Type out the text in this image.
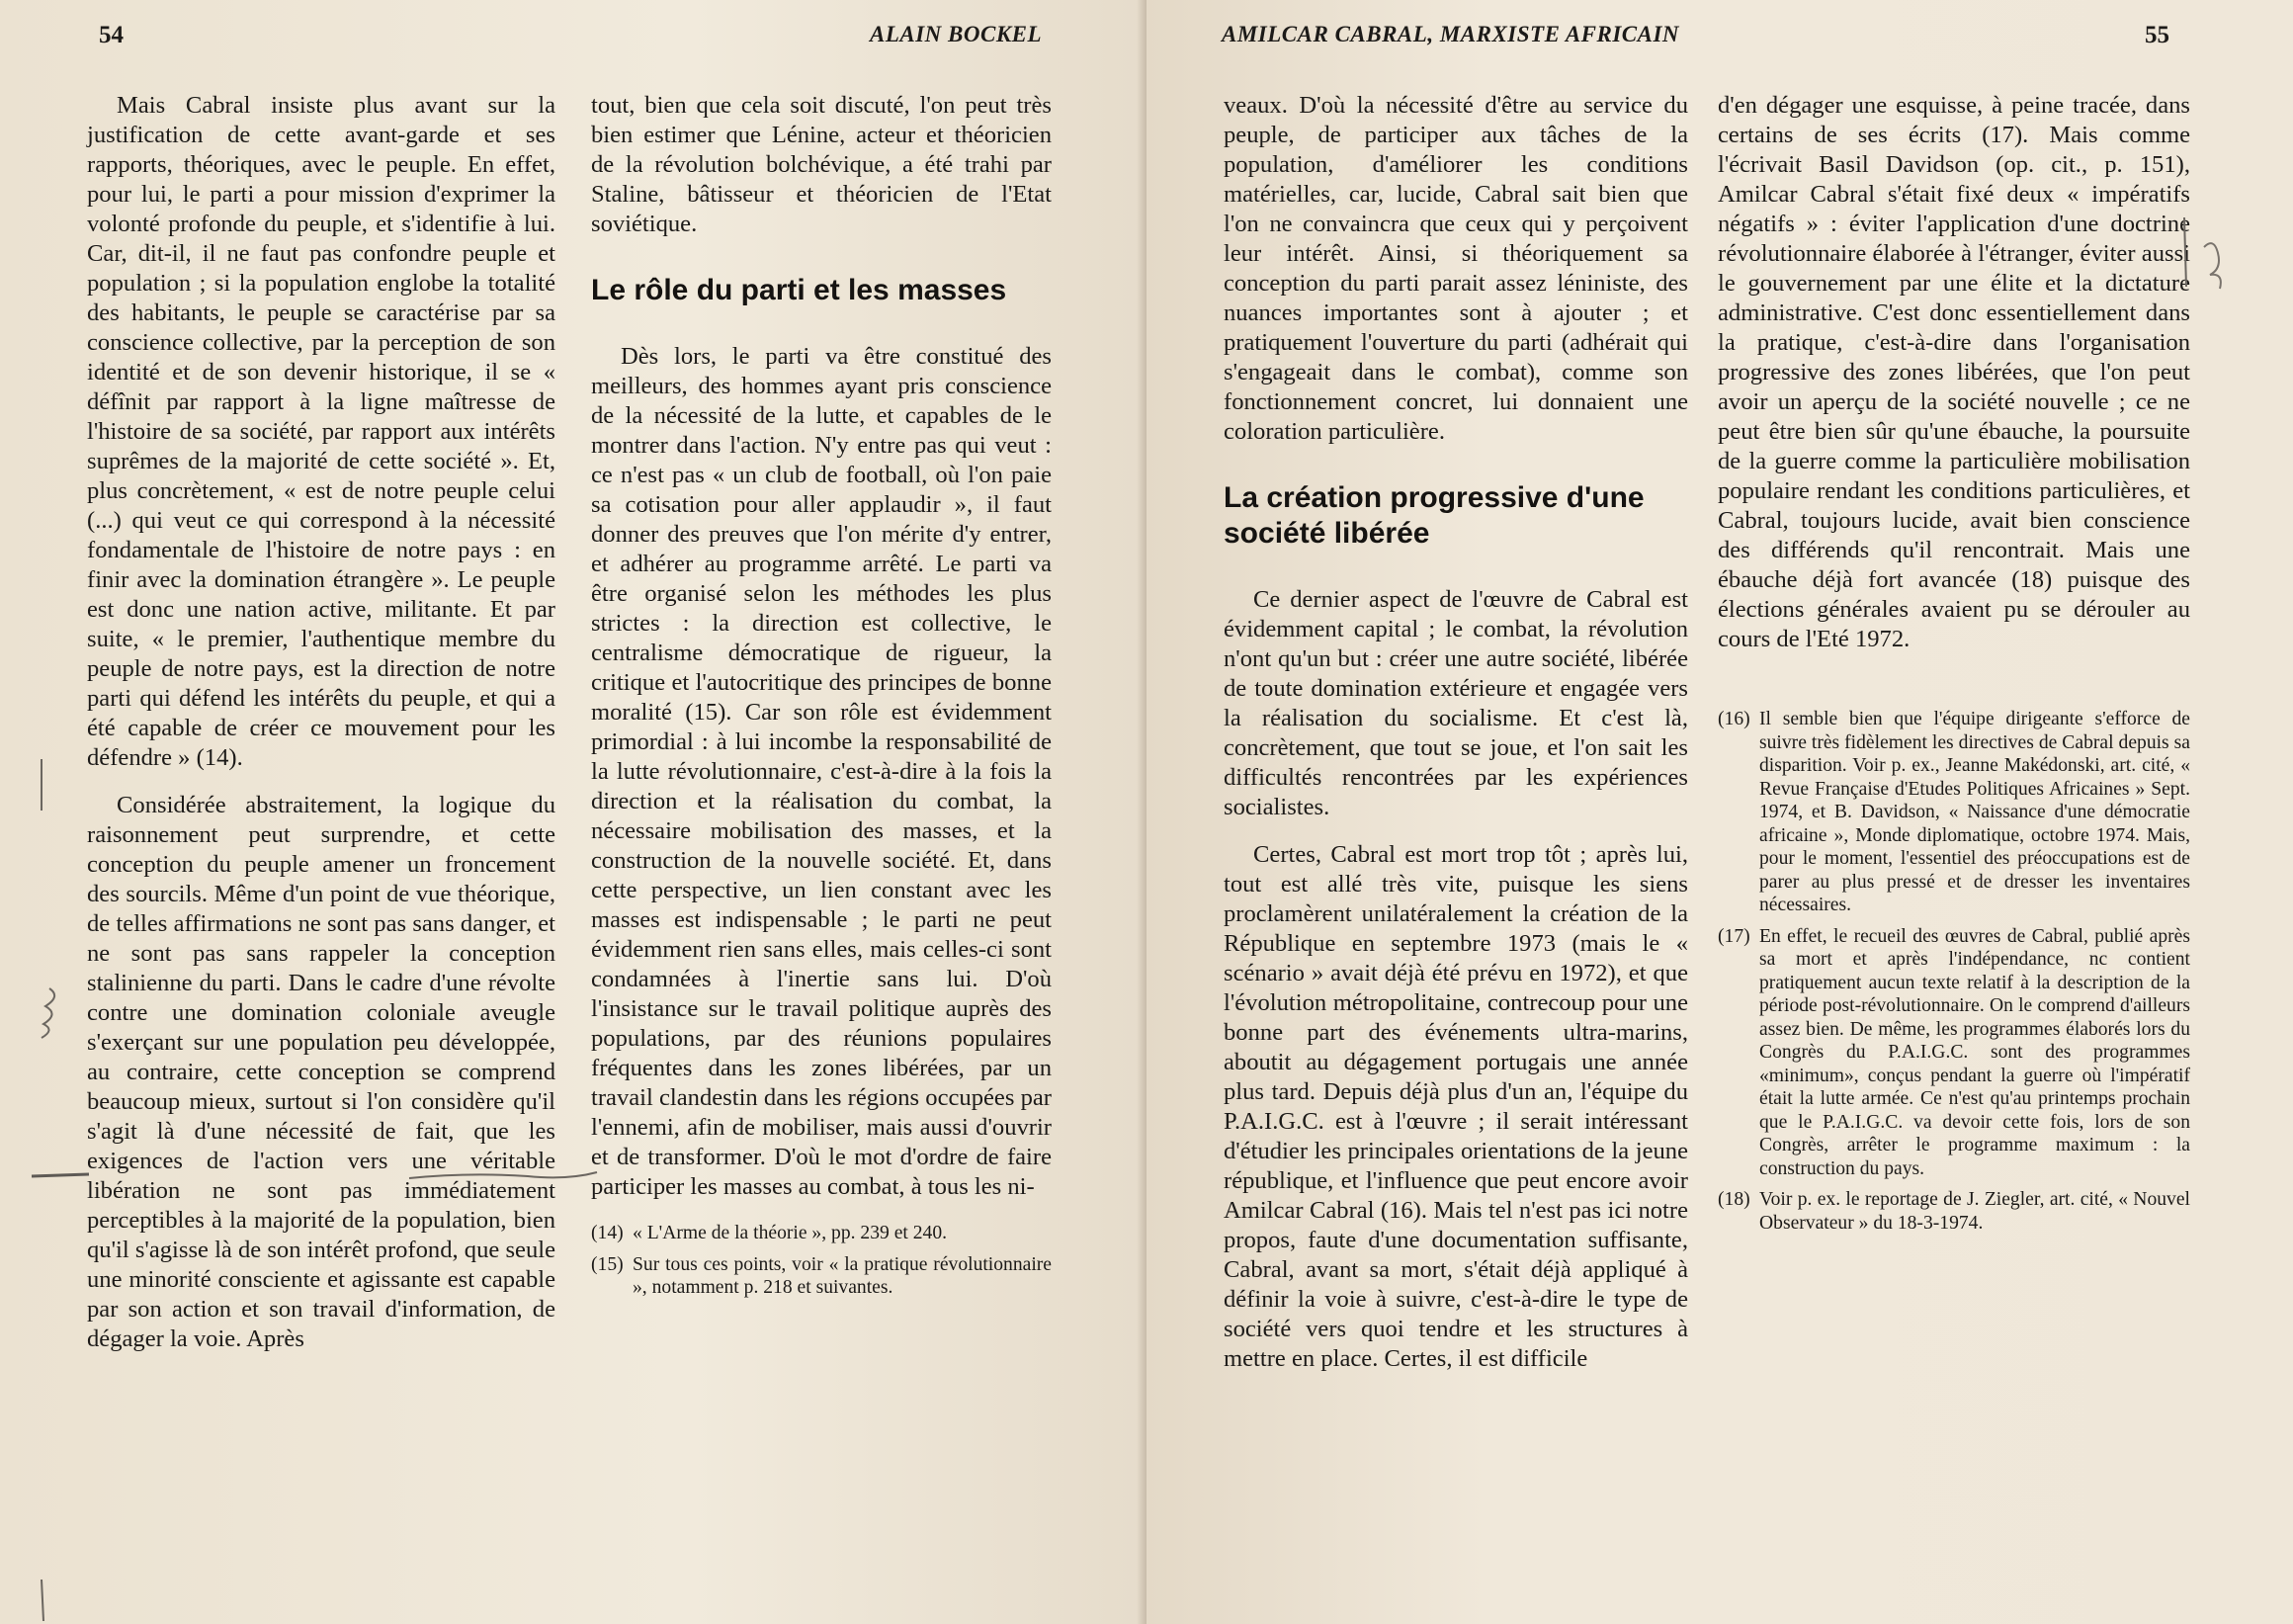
54	ALAIN BOCKEL

Mais Cabral insiste plus avant sur la justification de cette avant-garde et ses rapports, théoriques, avec le peuple. En effet, pour lui, le parti a pour mission d'exprimer la volonté profonde du peuple, et s'identifie à lui. Car, dit-il, il ne faut pas confondre peuple et population ; si la population englobe la totalité des habitants, le peuple se caractérise par sa conscience collective, par la perception de son identité et de son devenir historique, il se « défînit par rapport à la ligne maîtresse de l'histoire de sa société, par rapport aux intérêts suprêmes de la majorité de cette société ». Et, plus concrètement, « est de notre peuple celui (...) qui veut ce qui correspond à la nécessité fondamentale de l'histoire de notre pays : en finir avec la domination étrangère ». Le peuple est donc une nation active, militante. Et par suite, « le premier, l'authentique membre du peuple de notre pays, est la direction de notre parti qui défend les intérêts du peuple, et qui a été capable de créer ce mouvement pour les défendre » (14).

Considérée abstraitement, la logique du raisonnement peut surprendre, et cette conception du peuple amener un froncement des sourcils. Même d'un point de vue théorique, de telles affirmations ne sont pas sans danger, et ne sont pas sans rappeler la conception stalinienne du parti. Dans le cadre d'une révolte contre une domination coloniale aveugle s'exerçant sur une population peu développée, au contraire, cette conception se comprend beaucoup mieux, surtout si l'on considère qu'il s'agit là d'une nécessité de fait, que les exigences de l'action vers une véritable libération ne sont pas immédiatement perceptibles à la majorité de la population, bien qu'il s'agisse là de son intérêt profond, que seule une minorité consciente et agissante est capable par son action et son travail d'information, de dégager la voie. Après

tout, bien que cela soit discuté, l'on peut très bien estimer que Lénine, acteur et théoricien de la révolution bolchévique, a été trahi par Staline, bâtisseur et théoricien de l'Etat soviétique.

Le rôle du parti et les masses

Dès lors, le parti va être constitué des meilleurs, des hommes ayant pris conscience de la nécessité de la lutte, et capables de le montrer dans l'action. N'y entre pas qui veut : ce n'est pas « un club de football, où l'on paie sa cotisation pour aller applaudir », il faut donner des preuves que l'on mérite d'y entrer, et adhérer au programme arrêté. Le parti va être organisé selon les méthodes les plus strictes : la direction est collective, le centralisme démocratique de rigueur, la critique et l'autocritique des principes de bonne moralité (15). Car son rôle est évidemment primordial : à lui incombe la responsabilité de la lutte révolutionnaire, c'est-à-dire à la fois la direction et la réalisation du combat, la nécessaire mobilisation des masses, et la construction de la nouvelle société. Et, dans cette perspective, un lien constant avec les masses est indispensable ; le parti ne peut évidemment rien sans elles, mais celles-ci sont condamnées à l'inertie sans lui. D'où l'insistance sur le travail politique auprès des populations, par des réunions populaires fréquentes dans les zones libérées, par un travail clandestin dans les régions occupées par l'ennemi, afin de mobiliser, mais aussi d'ouvrir et de transformer. D'où le mot d'ordre de faire participer les masses au combat, à tous les ni-

(14) « L'Arme de la théorie », pp. 239 et 240.
(15) Sur tous ces points, voir « la pratique révolutionnaire », notamment p. 218 et suivantes.
AMILCAR CABRAL, MARXISTE AFRICAIN	55

veaux. D'où la nécessité d'être au service du peuple, de participer aux tâches de la population, d'améliorer les conditions matérielles, car, lucide, Cabral sait bien que l'on ne convaincra que ceux qui y perçoivent leur intérêt. Ainsi, si théoriquement sa conception du parti parait assez léniniste, des nuances importantes sont à ajouter ; et pratiquement l'ouverture du parti (adhérait qui s'engageait dans le combat), comme son fonctionnement concret, lui donnaient une coloration particulière.

La création progressive d'une société libérée

Ce dernier aspect de l'œuvre de Cabral est évidemment capital ; le combat, la révolution n'ont qu'un but : créer une autre société, libérée de toute domination extérieure et engagée vers la réalisation du socialisme. Et c'est là, concrètement, que tout se joue, et l'on sait les difficultés rencontrées par les expériences socialistes.

Certes, Cabral est mort trop tôt ; après lui, tout est allé très vite, puisque les siens proclamèrent unilatéralement la création de la République en septembre 1973 (mais le « scénario » avait déjà été prévu en 1972), et que l'évolution métropolitaine, contrecoup pour une bonne part des événements ultra-marins, aboutit au dégagement portugais une année plus tard. Depuis déjà plus d'un an, l'équipe du P.A.I.G.C. est à l'œuvre ; il serait intéressant d'étudier les principales orientations de la jeune république, et l'influence que peut encore avoir Amilcar Cabral (16). Mais tel n'est pas ici notre propos, faute d'une documentation suffisante, Cabral, avant sa mort, s'était déjà appliqué à définir la voie à suivre, c'est-à-dire le type de société vers quoi tendre et les structures à mettre en place. Certes, il est difficile

d'en dégager une esquisse, à peine tracée, dans certains de ses écrits (17). Mais comme l'écrivait Basil Davidson (op. cit., p. 151), Amilcar Cabral s'était fixé deux « impératifs négatifs » : éviter l'application d'une doctrine révolutionnaire élaborée à l'étranger, éviter aussi le gouvernement par une élite et la dictature administrative. C'est donc essentiellement dans la pratique, c'est-à-dire dans l'organisation progressive des zones libérées, que l'on peut avoir un aperçu de la société nouvelle ; ce ne peut être bien sûr qu'une ébauche, la poursuite de la guerre comme la particulière mobilisation populaire rendant les conditions particulières, et Cabral, toujours lucide, avait bien conscience des différends qu'il rencontrait. Mais une ébauche déjà fort avancée (18) puisque des élections générales avaient pu se dérouler au cours de l'Eté 1972.

(16) Il semble bien que l'équipe dirigeante s'efforce de suivre très fidèlement les directives de Cabral depuis sa disparition. Voir p. ex., Jeanne Makédonski, art. cité, « Revue Française d'Etudes Politiques Africaines » Sept. 1974, et B. Davidson, « Naissance d'une démocratie africaine », Monde diplomatique, octobre 1974. Mais, pour le moment, l'essentiel des préoccupations est de parer au plus pressé et de dresser les inventaires nécessaires.
(17) En effet, le recueil des œuvres de Cabral, publié après sa mort et après l'indépendance, nc contient pratiquement aucun texte relatif à la description de la période post-révolutionnaire. On le comprend d'ailleurs assez bien. De même, les programmes élaborés lors du Congrès du P.A.I.G.C. sont des programmes «minimum», conçus pendant la guerre où l'impératif était la lutte armée. Ce n'est qu'au printemps prochain que le P.A.I.G.C. va devoir cette fois, lors de son Congrès, arrêter le programme maximum : la construction du pays.
(18) Voir p. ex. le reportage de J. Ziegler, art. cité, « Nouvel Observateur » du 18-3-1974.
